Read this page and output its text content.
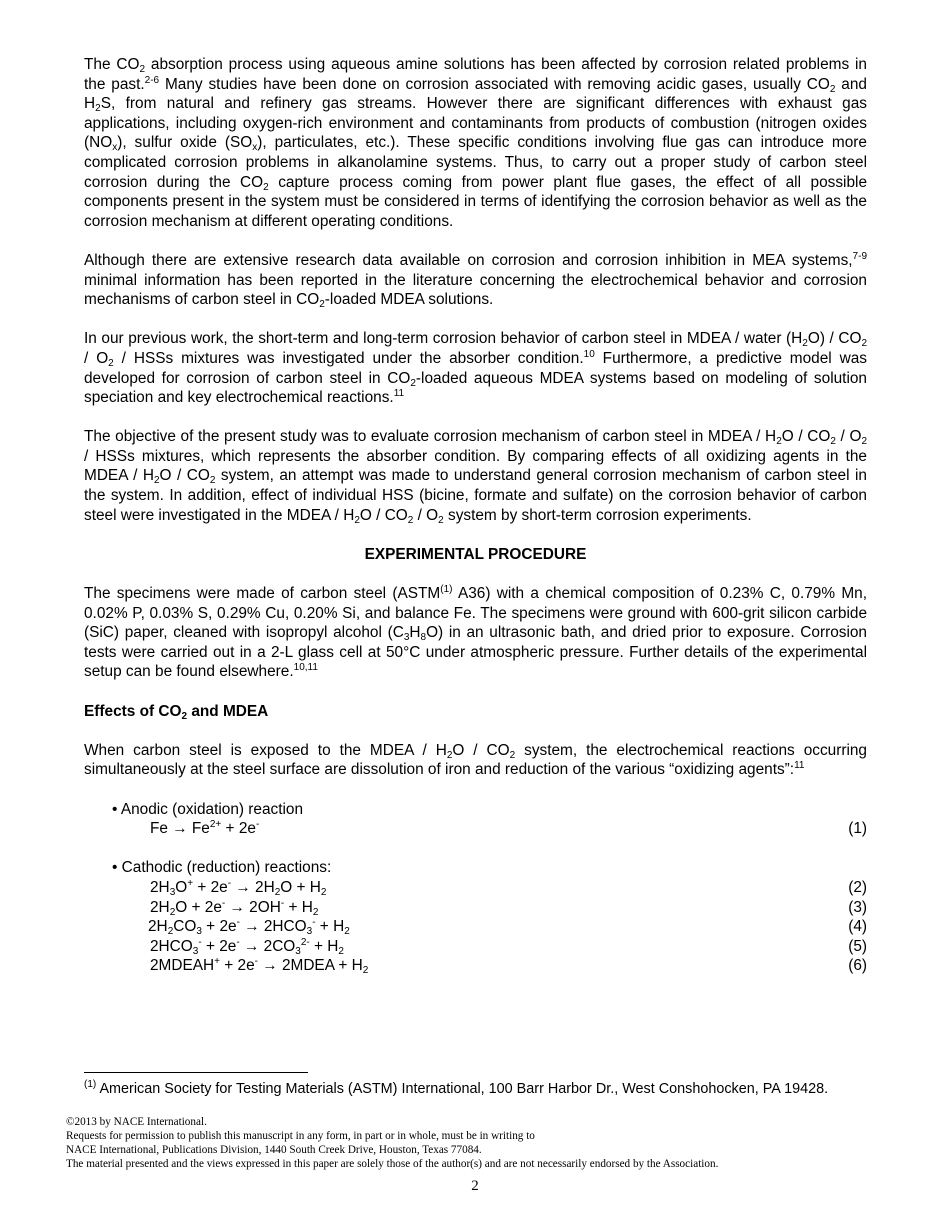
The $CO_2$ absorption process using aqueous amine solutions has been affected by corrosion related problems in the past.$^{2-6}$ Many studies have been done on corrosion associated with removing acidic gases, usually $CO_2$ and $H_2S$, from natural and refinery gas streams. However there are significant differences with exhaust gas applications, including oxygen-rich environment and contaminants from products of combustion (nitrogen oxides $(NO_x)$, sulfur oxide $(SO_x)$, particulates, etc.). These specific conditions involving flue gas can introduce more complicated corrosion problems in alkanolamine systems. Thus, to carry out a proper study of carbon steel corrosion during the $CO_2$ capture process coming from power plant flue gases, the effect of all possible components present in the system must be considered in terms of identifying the corrosion behavior as well as the corrosion mechanism at different operating conditions.

Although there are extensive research data available on corrosion and corrosion inhibition in MEA systems,$^{7-9}$ minimal information has been reported in the literature concerning the electrochemical behavior and corrosion mechanisms of carbon steel in $CO_2$-loaded MDEA solutions.

In our previous work, the short-term and long-term corrosion behavior of carbon steel in MDEA / water $(H_2O) / CO_2 / O_2$ / HSSs mixtures was investigated under the absorber condition.$^{10}$ Furthermore, a predictive model was developed for corrosion of carbon steel in $CO_2$-loaded aqueous MDEA systems based on modeling of solution speciation and key electrochemical reactions.$^{11}$

The objective of the present study was to evaluate corrosion mechanism of carbon steel in MDEA / $H_2O / CO_2 / O_2$ / HSSs mixtures, which represents the absorber condition. By comparing effects of all oxidizing agents in the MDEA / $H_2O / CO_2$ system, an attempt was made to understand general corrosion mechanism of carbon steel in the system. In addition, effect of individual HSS (bicine, formate and sulfate) on the corrosion behavior of carbon steel were investigated in the MDEA / $H_2O / CO_2 / O_2$ system by short-term corrosion experiments.

EXPERIMENTAL PROCEDURE

The specimens were made of carbon steel (ASTM$^{(1)}$ A36) with a chemical composition of 0.23% C, 0.79% Mn, 0.02% P, 0.03% S, 0.29% Cu, 0.20% Si, and balance Fe. The specimens were ground with 600-grit silicon carbide (SiC) paper, cleaned with isopropyl alcohol $(C_3H_8O)$ in an ultrasonic bath, and dried prior to exposure. Corrosion tests were carried out in a 2-L glass cell at 50°C under atmospheric pressure. Further details of the experimental setup can be found elsewhere.$^{10,11}$

Effects of $CO_2$ and MDEA

When carbon steel is exposed to the MDEA / $H_2O / CO_2$ system, the electrochemical reactions occurring simultaneously at the steel surface are dissolution of iron and reduction of the various “oxidizing agents”:$^{11}$

• Anodic (oxidation) reaction
$Fe \to Fe^{2+} + 2e^-$	(1)
• Cathodic (reduction) reactions:
$2H_3O^+ + 2e^- \to 2H_2O + H_2$	(2)
$2H_2O + 2e^- \to 2OH^- + H_2$	(3)
$2H_2CO_3 + 2e^- \to 2HCO_3^- + H_2$	(4)
$2HCO_3^- + 2e^- \to 2CO_3^{2-} + H_2$	(5)
2MDEAH+ + 2e- → 2MDEA + $H_2$	(6)
$^{(1)}$ American Society for Testing Materials (ASTM) International, 100 Barr Harbor Dr., West Conshohocken, PA 19428.
©2013 by NACE International.
Requests for permission to publish this manuscript in any form, in part or in whole, must be in writing to
NACE International, Publications Division, 1440 South Creek Drive, Houston, Texas 77084.
The material presented and the views expressed in this paper are solely those of the author(s) and are not necessarily endorsed by the Association.
2
